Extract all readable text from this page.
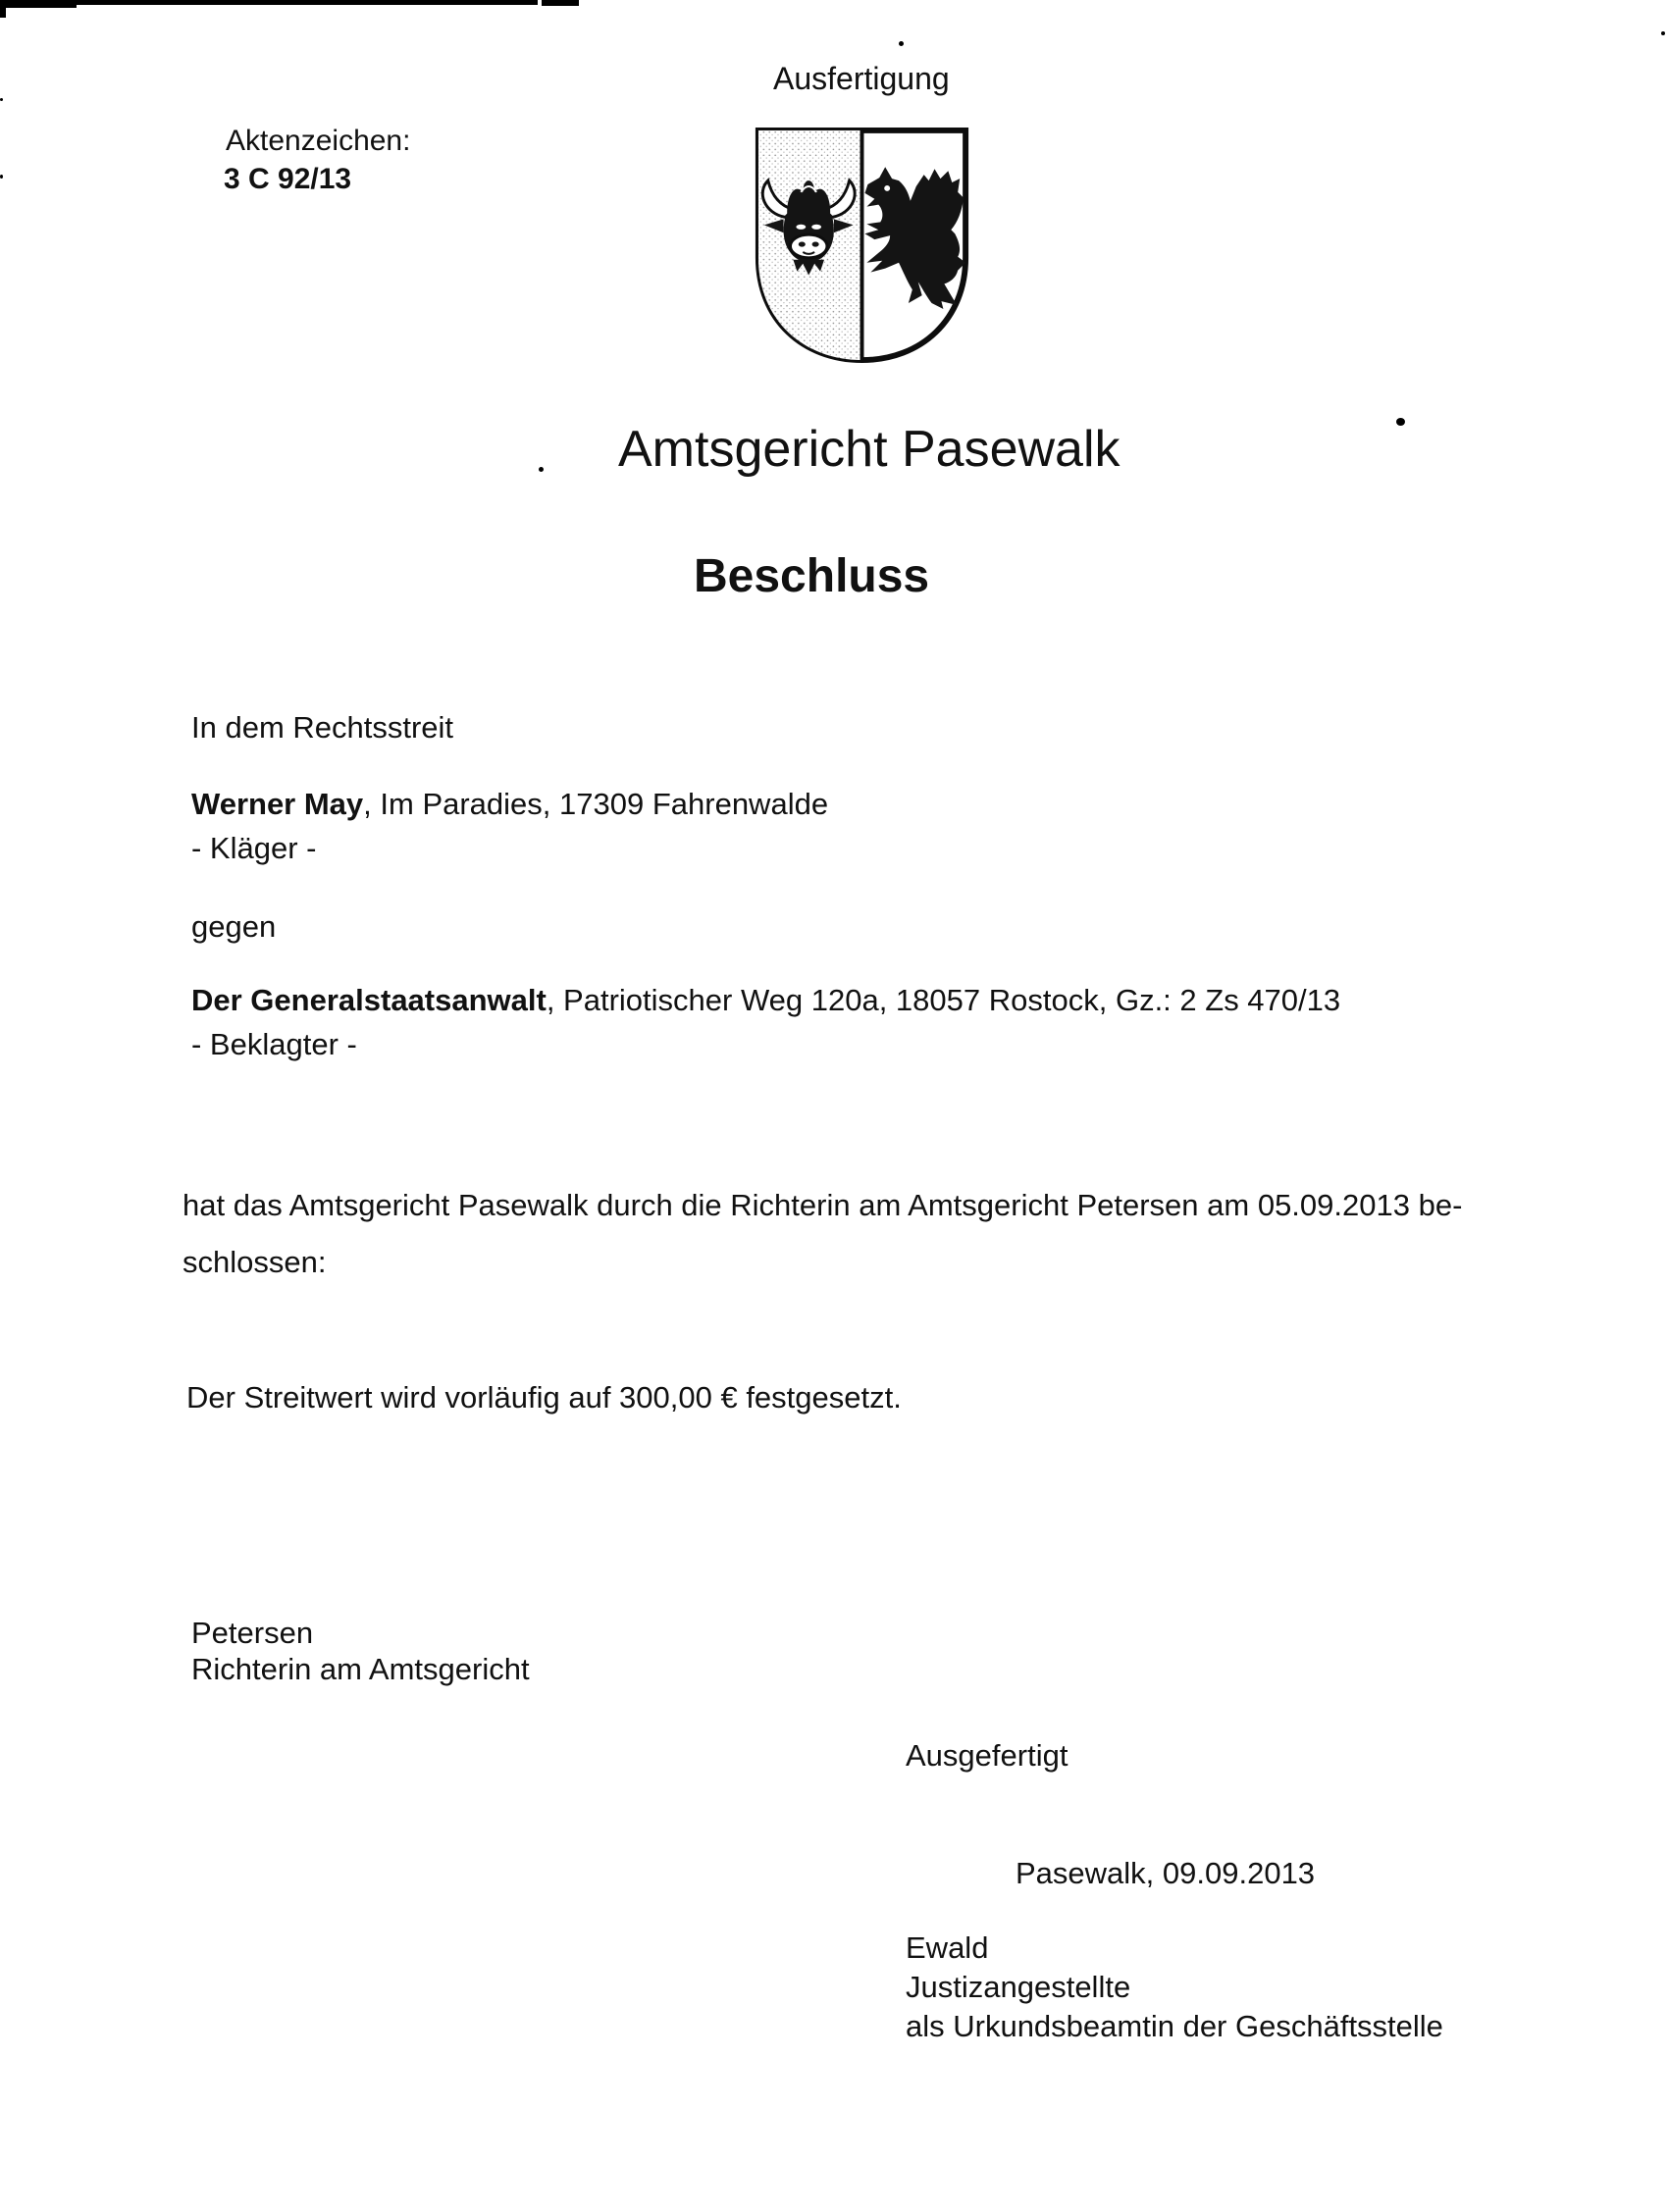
Ausfertigung
Aktenzeichen:
3 C 92/13
Amtsgericht Pasewalk
Beschluss
In dem Rechtsstreit
Werner May, Im Paradies, 17309 Fahrenwalde
- Kläger -
gegen
Der Generalstaatsanwalt, Patriotischer Weg 120a, 18057 Rostock, Gz.: 2 Zs 470/13
- Beklagter -
hat das Amtsgericht Pasewalk durch die Richterin am Amtsgericht Petersen am 05.09.2013 be-
schlossen:
Der Streitwert wird vorläufig auf 300,00 € festgesetzt.
Petersen
Richterin am Amtsgericht
Ausgefertigt
Pasewalk, 09.09.2013
Ewald
Justizangestellte
als Urkundsbeamtin der Geschäftsstelle
